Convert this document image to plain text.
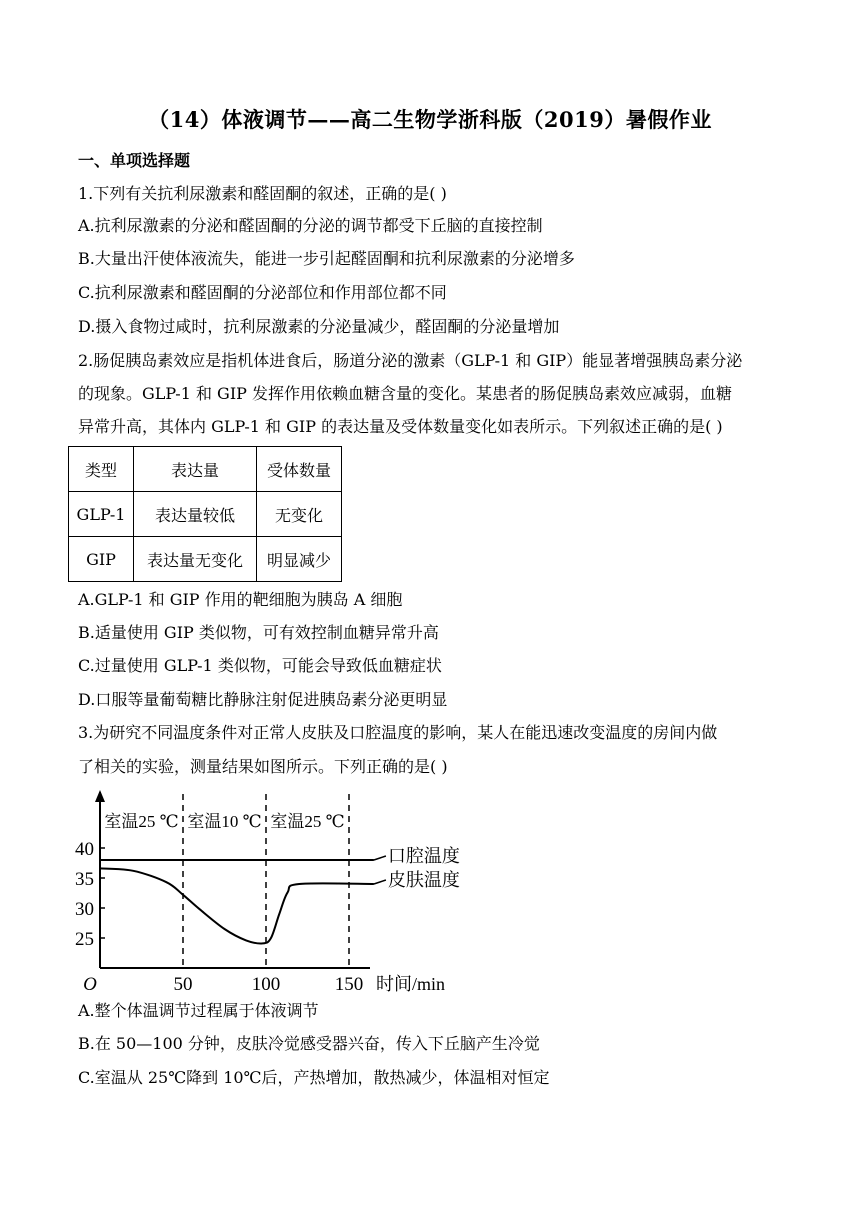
（14）体液调节——高二生物学浙科版（2019）暑假作业
一、单项选择题
1.下列有关抗利尿激素和醛固酮的叙述，正确的是( )
A.抗利尿激素的分泌和醛固酮的分泌的调节都受下丘脑的直接控制
B.大量出汗使体液流失，能进一步引起醛固酮和抗利尿激素的分泌增多
C.抗利尿激素和醛固酮的分泌部位和作用部位都不同
D.摄入食物过咸时，抗利尿激素的分泌量减少，醛固酮的分泌量增加
2.肠促胰岛素效应是指机体进食后，肠道分泌的激素（GLP-1 和 GIP）能显著增强胰岛素分泌
的现象。GLP-1 和 GIP 发挥作用依赖血糖含量的变化。某患者的肠促胰岛素效应减弱，血糖
异常升高，其体内 GLP-1 和 GIP 的表达量及受体数量变化如表所示。下列叙述正确的是( )
类型	表达量	受体数量
GLP-1	表达量较低	无变化
GIP	表达量无变化	明显减少
A.GLP-1 和 GIP 作用的靶细胞为胰岛 A 细胞
B.适量使用 GIP 类似物，可有效控制血糖异常升高
C.过量使用 GLP-1 类似物，可能会导致低血糖症状
D.口服等量葡萄糖比静脉注射促进胰岛素分泌更明显
3.为研究不同温度条件对正常人皮肤及口腔温度的影响，某人在能迅速改变温度的房间内做
了相关的实验，测量结果如图所示。下列正确的是( )
25
30
35
40
50	100	150
O	时间/min
室温25 ℃ 室温10 ℃ 室温25 ℃
口腔温度
皮肤温度
A.整个体温调节过程属于体液调节
B.在 50—100 分钟，皮肤冷觉感受器兴奋，传入下丘脑产生冷觉
C.室温从 25℃降到 10℃后，产热增加，散热减少，体温相对恒定
